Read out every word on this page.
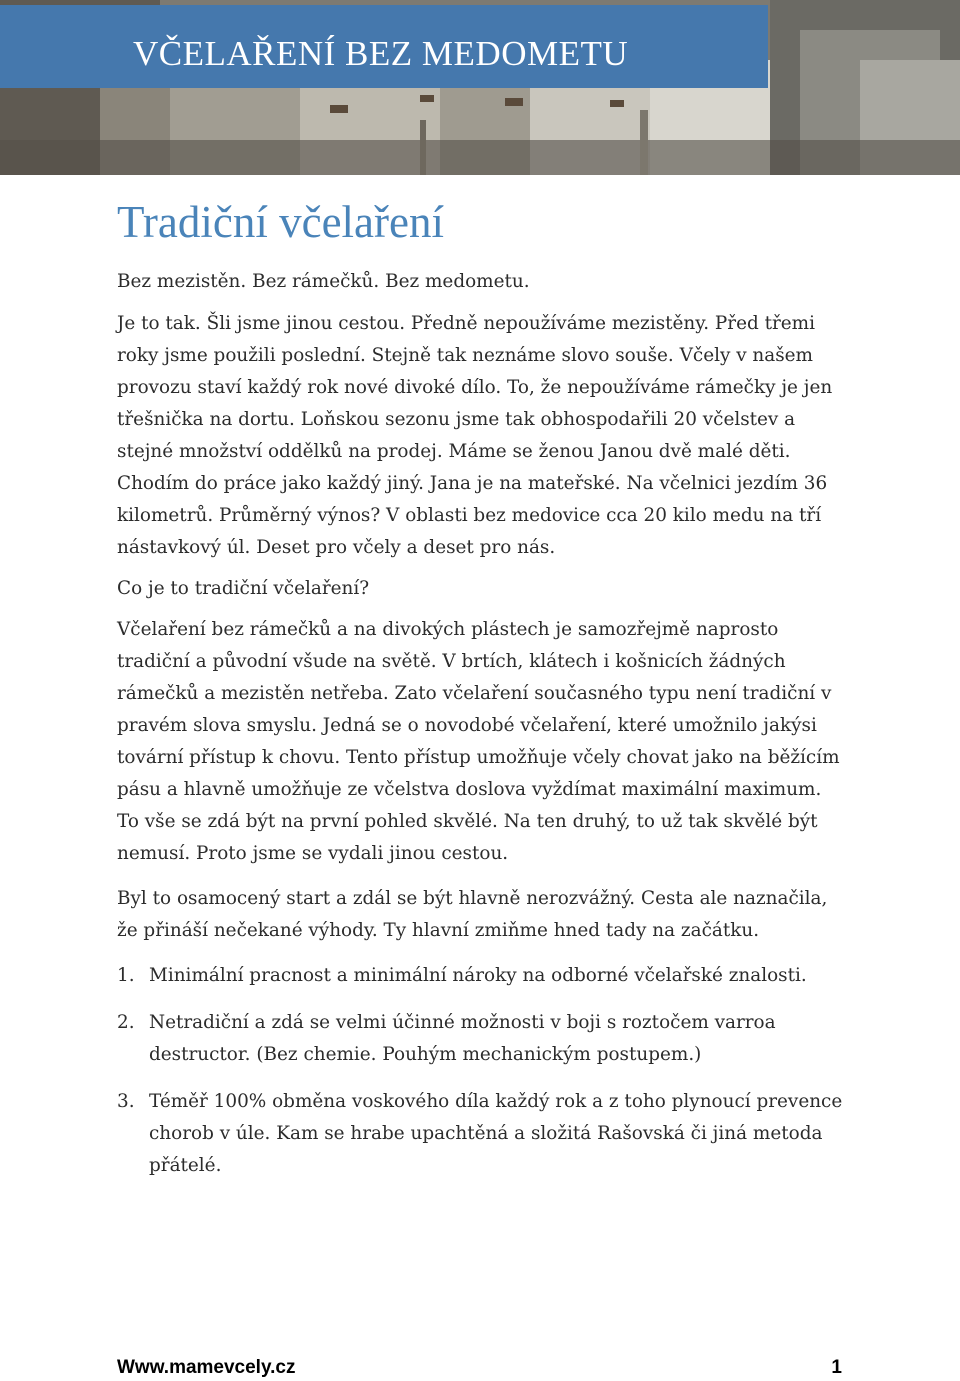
VČELAŘENÍ BEZ MEDOMETU
Tradiční včelaření

Bez mezistěn. Bez rámečků. Bez medometu.

Je to tak. Šli jsme jinou cestou. Předně nepoužíváme mezistěny. Před třemi roky jsme použili poslední. Stejně tak neznáme slovo souše. Včely v našem provozu staví každý rok nové divoké dílo. To, že nepoužíváme rámečky je jen třešnička na dortu. Loňskou sezonu jsme tak obhospodařili 20 včelstev a stejné množství oddělků na prodej. Máme se ženou Janou dvě malé děti. Chodím do práce jako každý jiný. Jana je na mateřské. Na včelnici jezdím 36 kilometrů. Průměrný výnos? V oblasti bez medovice cca 20 kilo medu na tří nástavkový úl. Deset pro včely a deset pro nás.

Co je to tradiční včelaření?

Včelaření bez rámečků a na divokých plástech je samozřejmě naprosto tradiční a původní všude na světě. V brtích, klátech i košnicích žádných rámečků a mezistěn netřeba. Zato včelaření současného typu není tradiční v pravém slova smyslu. Jedná se o novodobé včelaření, které umožnilo jakýsi tovární přístup k chovu. Tento přístup umožňuje včely chovat jako na běžícím pásu a hlavně umožňuje ze včelstva doslova vyždímat maximální maximum. To vše se zdá být na první pohled skvělé. Na ten druhý, to už tak skvělé být nemusí. Proto jsme se vydali jinou cestou.

Byl to osamocený start a zdál se být hlavně nerozvážný. Cesta ale naznačila, že přináší nečekané výhody. Ty hlavní zmiňme hned tady na začátku.

1. Minimální pracnost a minimální nároky na odborné včelařské znalosti.
2. Netradiční a zdá se velmi účinné možnosti v boji s roztočem varroa destructor. (Bez chemie. Pouhým mechanickým postupem.)
3. Téměř 100% obměna voskového díla každý rok a z toho plynoucí prevence chorob v úle. Kam se hrabe upachtěná a složitá Rašovská či jiná metoda přátelé.
Www.mamevcely.cz	1
